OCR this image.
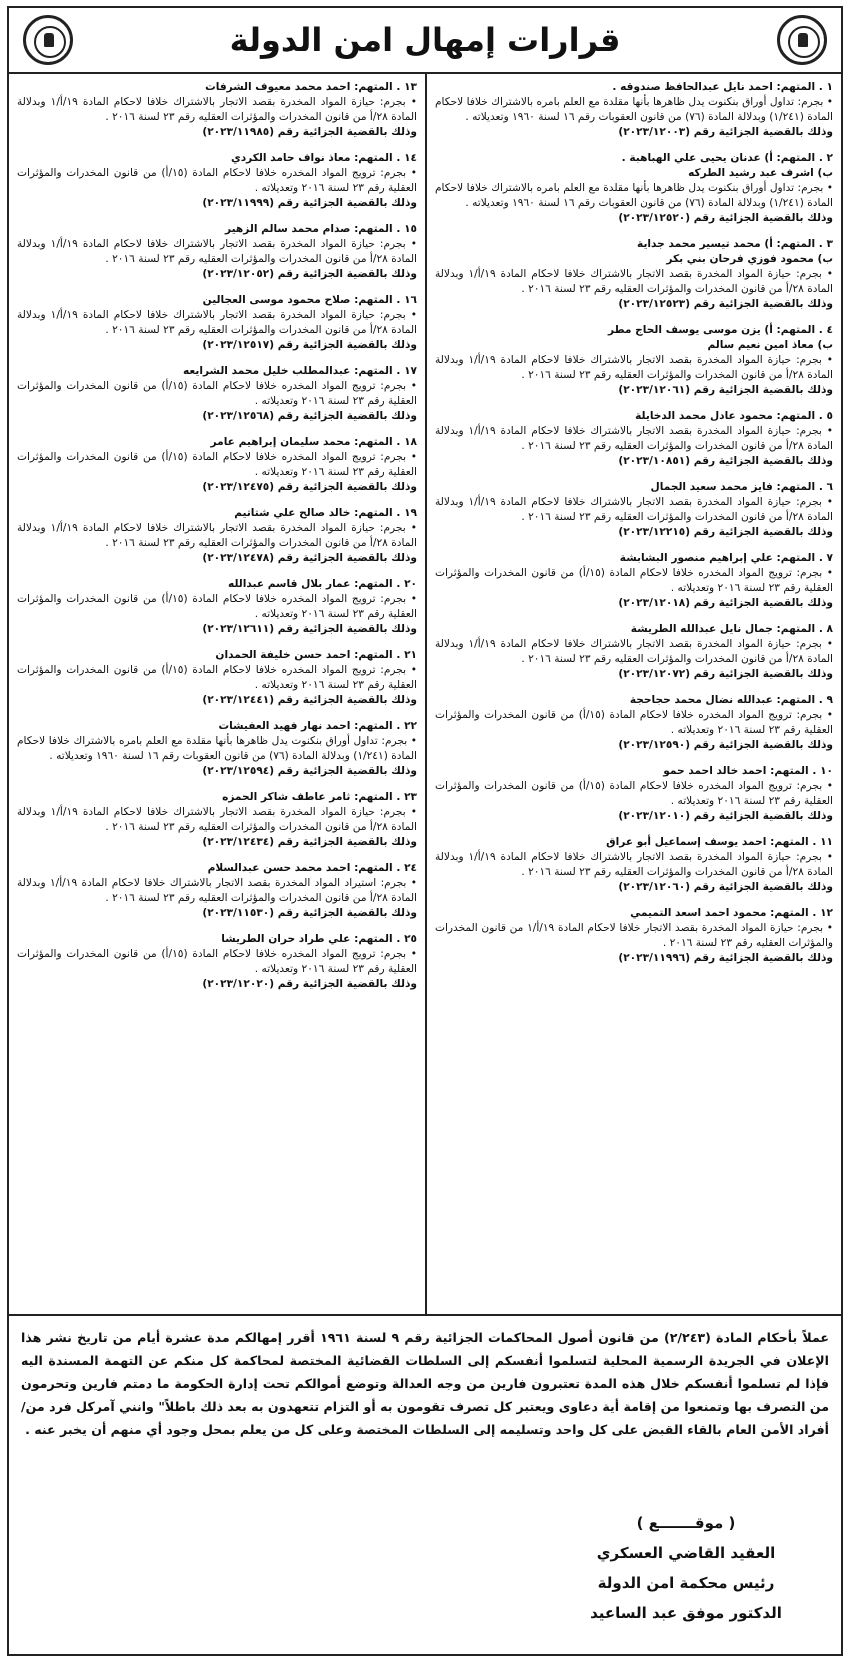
قرارات إمهال امن الدولة

١ . المتهم: احمد نايل عبدالحافظ صندوقه .

• بجرم: تداول أوراق بنكنوت يدل ظاهرها بأنها مقلدة مع العلم بامره بالاشتراك خلافا لاحكام المادة (١/٢٤١) وبدلالة المادة (٧٦) من قانون العقوبات رقم ١٦ لسنة ١٩٦٠ وتعديلاته .

وذلك بالقضية الجزائية رقم (٢٠٢٣/١٢٠٠٣)

٢ . المتهم: أ) عدنان يحيى علي الهباهبة .

ب) اشرف عبد رشيد الطركه

• بجرم: تداول أوراق بنكنوت يدل ظاهرها بأنها مقلدة مع العلم بامره بالاشتراك خلافا لاحكام المادة (١/٢٤١) وبدلالة المادة (٧٦) من قانون العقوبات رقم ١٦ لسنة ١٩٦٠ وتعديلاته .

وذلك بالقضية الجزائية رقم (٢٠٢٣/١٢٥٢٠)

٣ . المتهم: أ) محمد تيسير محمد جداية

ب) محمود فوزي فرحان بني بكر

• بجرم: حيازة المواد المخدرة بقصد الاتجار بالاشتراك خلافا لاحكام المادة ١٩/أ/١ وبدلالة المادة ٢٨/أ من قانون المخدرات والمؤثرات العقليه رقم ٢٣ لسنة ٢٠١٦ .

وذلك بالقضية الجزائية رقم (٢٠٢٣/١٢٥٢٣)

٤ . المتهم: أ) يزن موسى يوسف الحاج مطر

ب) معاذ امين نعيم سالم

• بجرم: حيازة المواد المخدرة بقصد الاتجار بالاشتراك خلافا لاحكام المادة ١٩/أ/١ وبدلالة المادة ٢٨/أ من قانون المخدرات والمؤثرات العقليه رقم ٢٣ لسنة ٢٠١٦ .

وذلك بالقضية الجزائية رقم (٢٠٢٣/١٢٠٦١)

٥ . المتهم: محمود عادل محمد الدخايلة

• بجرم: حيازة المواد المخدرة بقصد الاتجار بالاشتراك خلافا لاحكام المادة ١٩/أ/١ وبدلالة المادة ٢٨/أ من قانون المخدرات والمؤثرات العقليه رقم ٢٣ لسنة ٢٠١٦ .

وذلك بالقضية الجزائية رقم (٢٠٢٣/١٠٨٥١)

٦ . المتهم: فايز محمد سعيد الجمال

• بجرم: حيازة المواد المخدرة بقصد الاتجار بالاشتراك خلافا لاحكام المادة ١٩/أ/١ وبدلالة المادة ٢٨/أ من قانون المخدرات والمؤثرات العقليه رقم ٢٣ لسنة ٢٠١٦ .

وذلك بالقضية الجزائية رقم (٢٠٢٣/١٢٢١٥)

٧ . المتهم: علي إبراهيم منصور البشابشة

• بجرم: ترويج المواد المخدره خلافا لاحكام المادة (١٥/أ) من قانون المخدرات والمؤثرات العقلية رقم ٢٣ لسنة ٢٠١٦ وتعديلاته .

وذلك بالقضية الجزائية رقم (٢٠٢٣/١٢٠١٨)

٨ . المتهم: جمال نايل عبدالله الطريشة

• بجرم: حيازة المواد المخدرة بقصد الاتجار بالاشتراك خلافا لاحكام المادة ١٩/أ/١ وبدلالة المادة ٢٨/أ من قانون المخدرات والمؤثرات العقليه رقم ٢٣ لسنة ٢٠١٦ .

وذلك بالقضية الجزائية رقم (٢٠٢٣/١٢٠٧٢)

٩ . المتهم: عبدالله نضال محمد حجاحجة

• بجرم: ترويج المواد المخدره خلافا لاحكام المادة (١٥/أ) من قانون المخدرات والمؤثرات العقلية رقم ٢٣ لسنة ٢٠١٦ وتعديلاته .

وذلك بالقضية الجزائية رقم (٢٠٢٣/١٢٥٩٠)

١٠ . المتهم: احمد خالد احمد حمو

• بجرم: ترويج المواد المخدره خلافا لاحكام المادة (١٥/أ) من قانون المخدرات والمؤثرات العقلية رقم ٢٣ لسنة ٢٠١٦ وتعديلاته .

وذلك بالقضية الجزائية رقم (٢٠٢٣/١٢٠١٠)

١١ . المتهم: احمد يوسف إسماعيل أبو عراق

• بجرم: حيازة المواد المخدرة بقصد الاتجار بالاشتراك خلافا لاحكام المادة ١٩/أ/١ وبدلالة المادة ٢٨/أ من قانون المخدرات والمؤثرات العقليه رقم ٢٣ لسنة ٢٠١٦ .

وذلك بالقضية الجزائية رقم (٢٠٢٣/١٢٠٦٠)

١٢ . المتهم: محمود احمد اسعد التميمي

• بجرم: حيازة المواد المخدرة بقصد الاتجار خلافا لاحكام المادة ١٩/أ/١ من قانون المخدرات والمؤثرات العقليه رقم ٢٣ لسنة ٢٠١٦ .

وذلك بالقضية الجزائية رقم (٢٠٢٣/١١٩٩٦)

١٣ . المتهم: احمد محمد معيوف الشرفات

• بجرم: حيازة المواد المخدرة بقصد الاتجار بالاشتراك خلافا لاحكام المادة ١٩/أ/١ وبدلالة المادة ٢٨/أ من قانون المخدرات والمؤثرات العقليه رقم ٢٣ لسنة ٢٠١٦ .

وذلك بالقضية الجزائية رقم (٢٠٢٣/١١٩٨٥)

١٤ . المتهم: معاذ نواف حامد الكردي

• بجرم: ترويج المواد المخدره خلافا لاحكام المادة (١٥/أ) من قانون المخدرات والمؤثرات العقلية رقم ٢٣ لسنة ٢٠١٦ وتعديلاته .

وذلك بالقضية الجزائية رقم (٢٠٢٣/١١٩٩٩)

١٥ . المتهم: صدام محمد سالم الزهير

• بجرم: حيازة المواد المخدرة بقصد الاتجار بالاشتراك خلافا لاحكام المادة ١٩/أ/١ وبدلالة المادة ٢٨/أ من قانون المخدرات والمؤثرات العقليه رقم ٢٣ لسنة ٢٠١٦ .

وذلك بالقضية الجزائية رقم (٢٠٢٣/١٢٠٥٢)

١٦ . المتهم: صلاح محمود موسى العجالين

• بجرم: حيازة المواد المخدرة بقصد الاتجار بالاشتراك خلافا لاحكام المادة ١٩/أ/١ وبدلالة المادة ٢٨/أ من قانون المخدرات والمؤثرات العقليه رقم ٢٣ لسنة ٢٠١٦ .

وذلك بالقضية الجزائية رقم (٢٠٢٣/١٢٥١٧)

١٧ . المتهم: عبدالمطلب خليل محمد الشرايعه

• بجرم: ترويج المواد المخدره خلافا لاحكام المادة (١٥/أ) من قانون المخدرات والمؤثرات العقلية رقم ٢٣ لسنة ٢٠١٦ وتعديلاته .

وذلك بالقضية الجزائية رقم (٢٠٢٣/١٢٥٦٨)

١٨ . المتهم: محمد سليمان إبراهيم عامر

• بجرم: ترويج المواد المخدره خلافا لاحكام المادة (١٥/أ) من قانون المخدرات والمؤثرات العقلية رقم ٢٣ لسنة ٢٠١٦ وتعديلاته .

وذلك بالقضية الجزائية رقم (٢٠٢٣/١٢٤٧٥)

١٩ . المتهم: خالد صالح علي شتاتيم

• بجرم: حيازة المواد المخدرة بقصد الاتجار بالاشتراك خلافا لاحكام المادة ١٩/أ/١ وبدلالة المادة ٢٨/أ من قانون المخدرات والمؤثرات العقليه رقم ٢٣ لسنة ٢٠١٦ .

وذلك بالقضية الجزائية رقم (٢٠٢٣/١٢٤٧٨)

٢٠ . المتهم: عمار بلال قاسم عبدالله

• بجرم: ترويج المواد المخدره خلافا لاحكام المادة (١٥/أ) من قانون المخدرات والمؤثرات العقلية رقم ٢٣ لسنة ٢٠١٦ وتعديلاته .

وذلك بالقضية الجزائية رقم (٢٠٢٣/١٢٦١١)

٢١ . المتهم: احمد حسن خليفة الحمدان

• بجرم: ترويج المواد المخدره خلافا لاحكام المادة (١٥/أ) من قانون المخدرات والمؤثرات العقلية رقم ٢٣ لسنة ٢٠١٦ وتعديلاته .

وذلك بالقضية الجزائية رقم (٢٠٢٣/١٢٤٤١)

٢٢ . المتهم: احمد نهار فهيد العفيشات

• بجرم: تداول أوراق بنكنوت يدل ظاهرها بأنها مقلدة مع العلم بامره بالاشتراك خلافا لاحكام المادة (١/٢٤١) وبدلالة المادة (٧٦) من قانون العقوبات رقم ١٦ لسنة ١٩٦٠ وتعديلاته .

وذلك بالقضية الجزائية رقم (٢٠٢٣/١٢٥٩٤)

٢٣ . المتهم: ثامر عاطف شاكر الحمزه

• بجرم: حيازة المواد المخدرة بقصد الاتجار بالاشتراك خلافا لاحكام المادة ١٩/أ/١ وبدلالة المادة ٢٨/أ من قانون المخدرات والمؤثرات العقليه رقم ٢٣ لسنة ٢٠١٦ .

وذلك بالقضية الجزائية رقم (٢٠٢٣/١٢٤٣٤)

٢٤ . المتهم: احمد محمد حسن عبدالسلام

• بجرم: استيراد المواد المخدرة بقصد الاتجار بالاشتراك خلافا لاحكام المادة ١٩/أ/١ وبدلالة المادة ٢٨/أ من قانون المخدرات والمؤثرات العقليه رقم ٢٣ لسنة ٢٠١٦ .

وذلك بالقضية الجزائية رقم (٢٠٢٣/١١٥٣٠)

٢٥ . المتهم: علي طراد حران الطريشا

• بجرم: ترويج المواد المخدره خلافا لاحكام المادة (١٥/أ) من قانون المخدرات والمؤثرات العقلية رقم ٢٣ لسنة ٢٠١٦ وتعديلاته .

وذلك بالقضية الجزائية رقم (٢٠٢٣/١٢٠٢٠)

عملاً بأحكام المادة (٢/٢٤٣) من قانون أصول المحاكمات الجزائية رقم ٩ لسنة ١٩٦١ أقرر إمهالكم مدة عشرة أيام من تاريخ نشر هذا الإعلان في الجريدة الرسمية المحلية لتسلموا أنفسكم إلى السلطات القضائية المختصة لمحاكمة كل منكم عن التهمة المسندة اليه فإذا لم تسلموا أنفسكم خلال هذه المدة تعتبرون فارين من وجه العدالة وتوضع أموالكم تحت إدارة الحكومة ما دمتم فارين وتحرمون من التصرف بها وتمنعوا من إقامة أية دعاوى ويعتبر كل تصرف تقومون به أو التزام تتعهدون به بعد ذلك باطلاً" وانني آمركل فرد من/ أفراد الأمن العام بالقاء القبض على كل واحد وتسليمه إلى السلطات المختصة وعلى كل من يعلم بمحل وجود أي منهم أن يخبر عنه .
( موقـــــــع )
العقيد القاضي العسكري
رئيس محكمة امن الدولة
الدكتور موفق عبد الساعيد
